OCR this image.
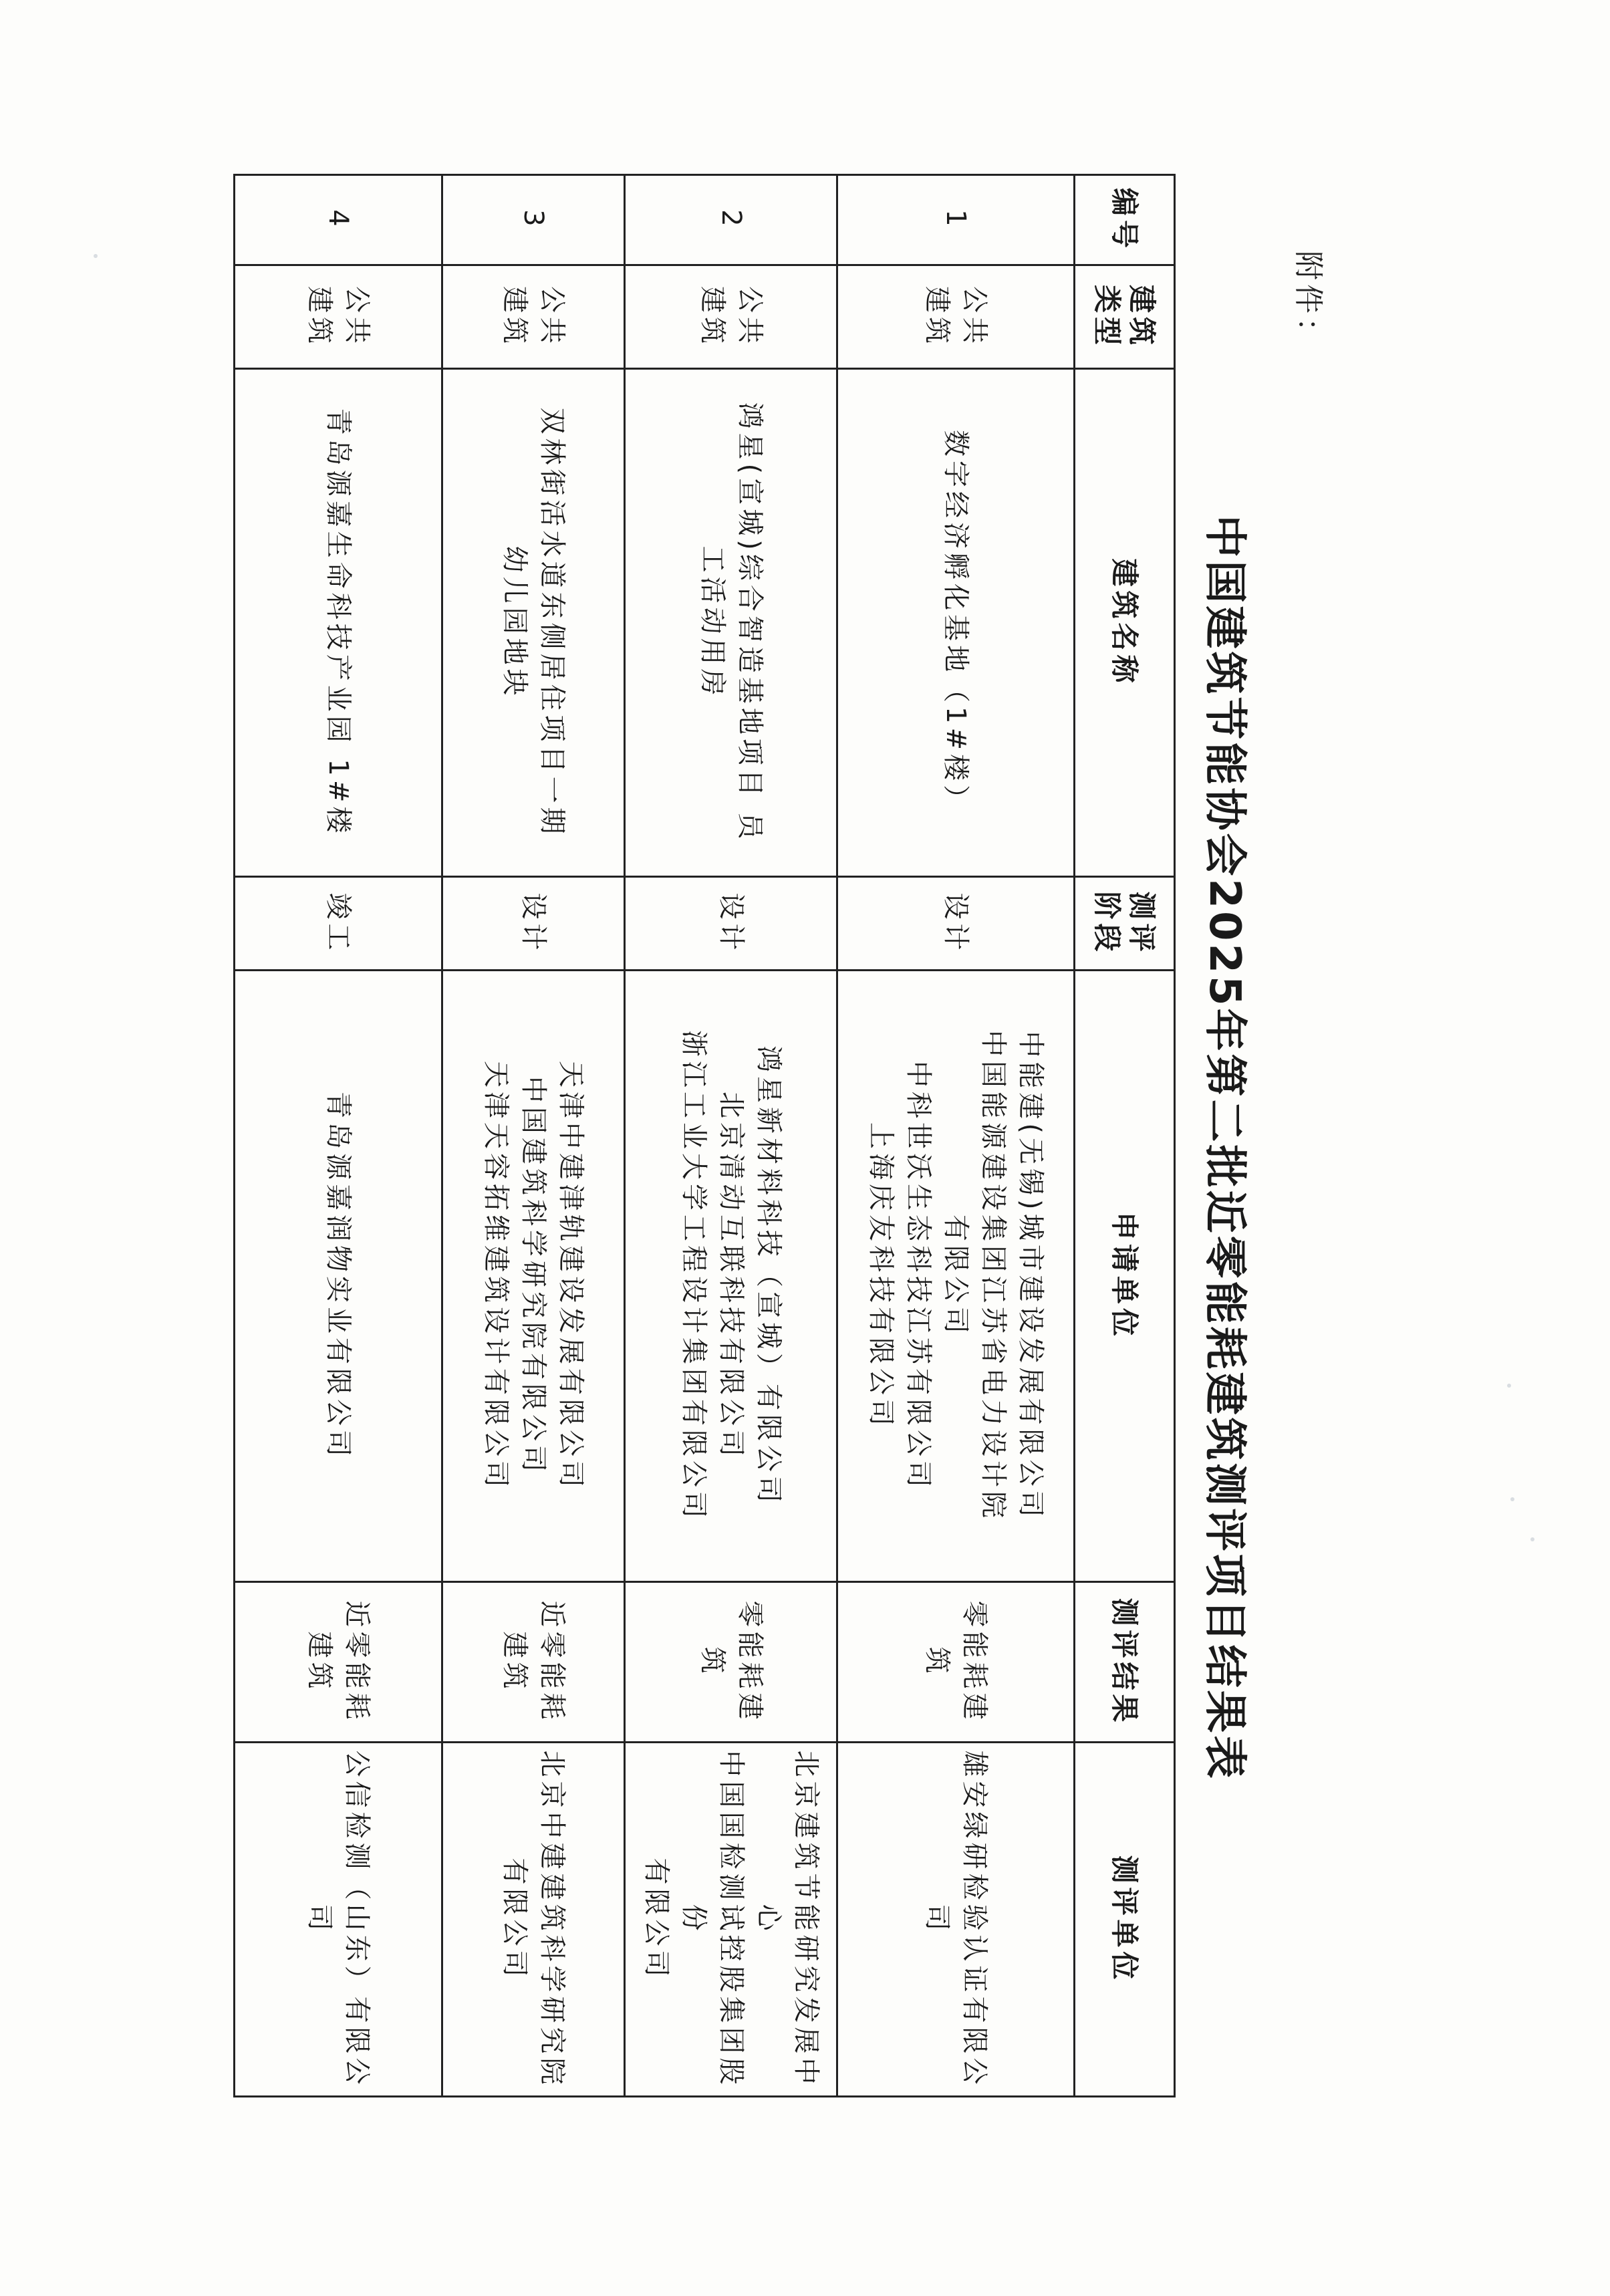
附件：
中国建筑节能协会2025年第二批近零能耗建筑测评项目结果表
编号	建筑类型	建筑名称	测评阶段	申请单位	测评结果	测评单位
1	公共建筑	数字经济孵化基地（1#楼）	设计	中能建(无锡)城市建设发展有限公司
中国能源建设集团江苏省电力设计院
有限公司
中科世沃生态科技江苏有限公司
上海庆友科技有限公司	零能耗建筑	雄安绿研检验认证有限公司

2	公共建筑	鸿星(宣城)综合智造基地项目 员
工活动用房	设计	鸿星新材料科技（宣城）有限公司
北京清动互联科技有限公司
浙江工业大学工程设计集团有限公司	零能耗建筑	北京建筑节能研究发展中心
中国国检测试控股集团股份
有限公司

3	公共建筑	双林街活水道东侧居住项目一期
幼儿园地块	设计	天津中建津轨建设发展有限公司
中国建筑科学研究院有限公司
天津天容拓维建筑设计有限公司	近零能耗建筑	北京中建建筑科学研究院
有限公司

4	公共建筑	青岛源嘉生命科技产业园 1#楼	竣工	青岛源嘉润物实业有限公司	近零能耗建筑	公信检测（山东）有限公司
